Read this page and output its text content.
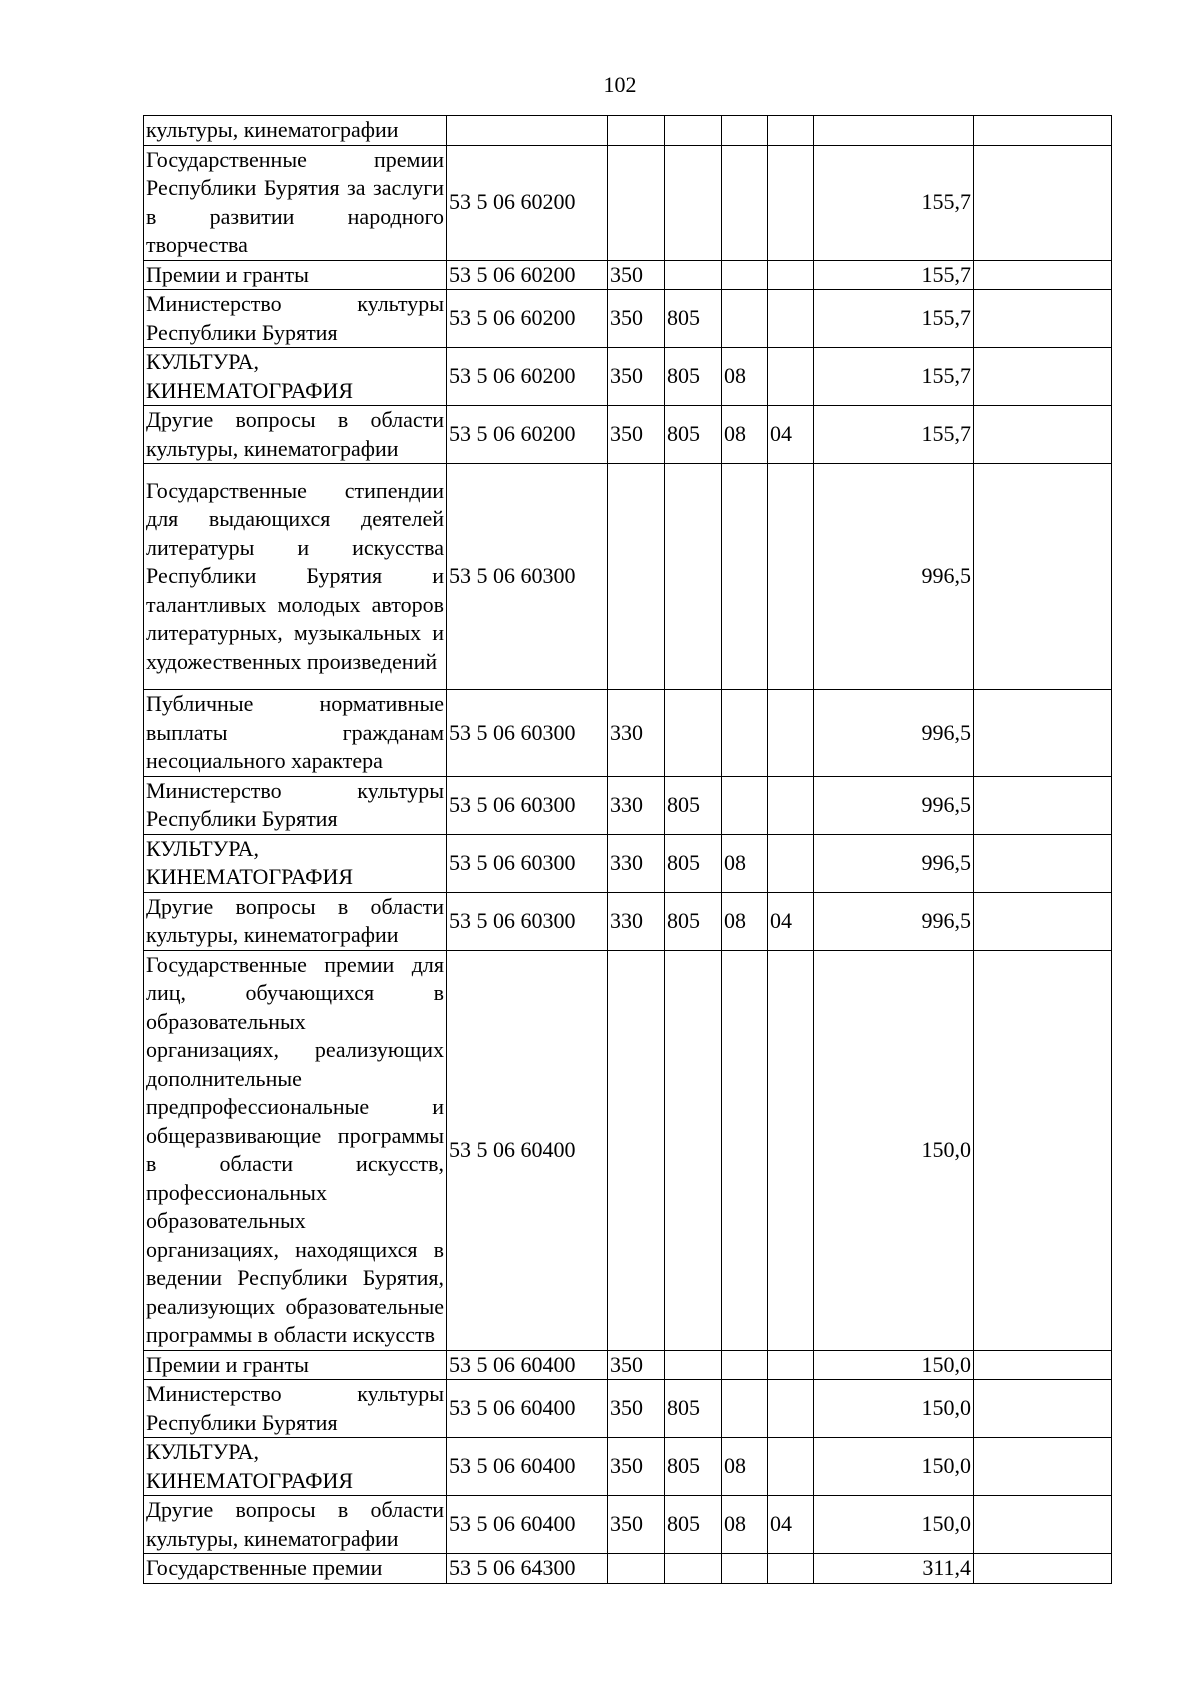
102
культуры, кинематографии							
Государственные премии Республики Бурятия за заслуги в развитии народного творчества	53 5 06 60200					155,7	
Премии и гранты	53 5 06 60200	350				155,7	
Министерство культуры Республики Бурятия	53 5 06 60200	350	805			155,7	
КУЛЬТУРА, КИНЕМАТОГРАФИЯ	53 5 06 60200	350	805	08		155,7	
Другие вопросы в области культуры, кинематографии	53 5 06 60200	350	805	08	04	155,7	
Государственные стипендии для выдающихся деятелей литературы и искусства Республики Бурятия и талантливых молодых авторов литературных, музыкальных и художественных произведений	53 5 06 60300					996,5	
Публичные нормативные выплаты гражданам несоциального характера	53 5 06 60300	330				996,5	
Министерство культуры Республики Бурятия	53 5 06 60300	330	805			996,5	
КУЛЬТУРА, КИНЕМАТОГРАФИЯ	53 5 06 60300	330	805	08		996,5	
Другие вопросы в области культуры, кинематографии	53 5 06 60300	330	805	08	04	996,5	
Государственные премии для лиц, обучающихся в образовательных организациях, реализующих дополнительные предпрофессиональные и общеразвивающие программы в области искусств, профессиональных образовательных организациях, находящихся в ведении Республики Бурятия, реализующих образовательные программы в области искусств	53 5 06 60400					150,0	
Премии и гранты	53 5 06 60400	350				150,0	
Министерство культуры Республики Бурятия	53 5 06 60400	350	805			150,0	
КУЛЬТУРА, КИНЕМАТОГРАФИЯ	53 5 06 60400	350	805	08		150,0	
Другие вопросы в области культуры, кинематографии	53 5 06 60400	350	805	08	04	150,0	
Государственные премии	53 5 06 64300					311,4	
